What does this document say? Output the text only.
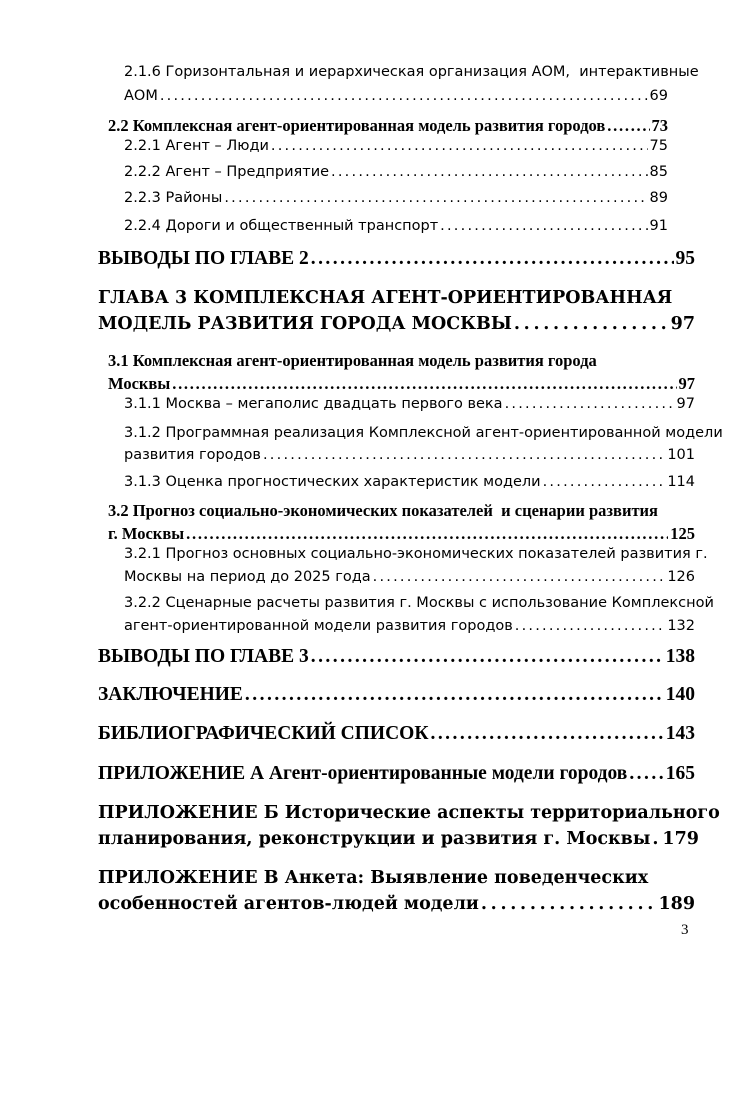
2.1.6 Горизонтальная и иерархическая организация АОМ,  интерактивные
АОМ . . .	69
2.2 Комплексная агент-ориентированная модель развития городов . . .	73
2.2.1 Агент – Люди . . .	75
2.2.2 Агент – Предприятие . . .	85
2.2.3 Районы . . .	89
2.2.4 Дороги и общественный транспорт . . .	91
ВЫВОДЫ ПО ГЛАВЕ 2 . . .	95
ГЛАВА 3 КОМПЛЕКСНАЯ АГЕНТ-ОРИЕНТИРОВАННАЯ
МОДЕЛЬ РАЗВИТИЯ ГОРОДА МОСКВЫ . . .	97
3.1 Комплексная агент-ориентированная модель развития города
Москвы . . .	97
3.1.1 Москва – мегаполис двадцать первого века . . .	97
3.1.2 Программная реализация Комплексной агент-ориентированной модели
развития городов . . .	101
3.1.3 Оценка прогностических характеристик модели . . .	114
3.2 Прогноз социально-экономических показателей  и сценарии развития
г. Москвы . . .	125
3.2.1 Прогноз основных социально-экономических показателей развития г.
Москвы на период до 2025 года . . .	126
3.2.2 Сценарные расчеты развития г. Москвы с использование Комплексной
агент-ориентированной модели развития городов . . .	132
ВЫВОДЫ ПО ГЛАВЕ 3 . . .	138
ЗАКЛЮЧЕНИЕ . . .	140
БИБЛИОГРАФИЧЕСКИЙ СПИСОК . . .	143
ПРИЛОЖЕНИЕ А Агент-ориентированные модели городов . . . 165
ПРИЛОЖЕНИЕ Б Исторические аспекты территориального
планирования, реконструкции и развития г. Москвы . . . 179
ПРИЛОЖЕНИЕ В Анкета: Выявление поведенческих
особенностей агентов-людей модели . . .	189
3
